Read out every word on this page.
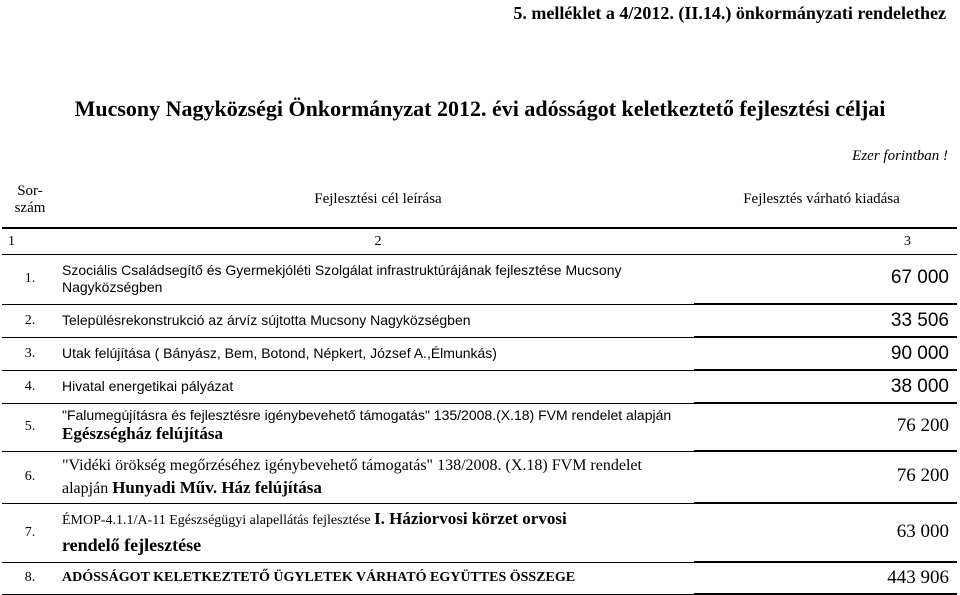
5. melléklet a 4/2012. (II.14.) önkormányzati rendelethez
Mucsony Nagyközségi Önkormányzat 2012. évi adósságot keletkeztető fejlesztési céljai
Ezer forintban !
Sor-
szám	Fejlesztési cél leírása	Fejlesztés várható kiadása
1	2	3
1.	Szociális Családsegítő és Gyermekjóléti Szolgálat infrastruktúrájának fejlesztése Mucsony Nagyközségben	67 000
2.	Településrekonstrukció az árvíz sújtotta Mucsony Nagyközségben	33 506
3.	Utak felújítása ( Bányász, Bem, Botond, Népkert, József A.,Élmunkás)	90 000
4.	Hivatal energetikai pályázat	38 000
5.	"Falumegújításra és fejlesztésre igénybevehető támogatás" 135/2008.(X.18) FVM rendelet alapján
Egészségház felújítása	76 200
6.	"Vidéki örökség megőrzéséhez igénybevehető támogatás" 138/2008. (X.18) FVM rendelet
alapján Hunyadi Műv. Ház felújítása	76 200
7.	ÉMOP-4.1.1/A-11 Egészségügyi alapellátás fejlesztése I. Háziorvosi körzet orvosi
rendelő fejlesztése	63 000
8.	ADÓSSÁGOT KELETKEZTETŐ ÜGYLETEK VÁRHATÓ EGYÜTTES ÖSSZEGE	443 906
